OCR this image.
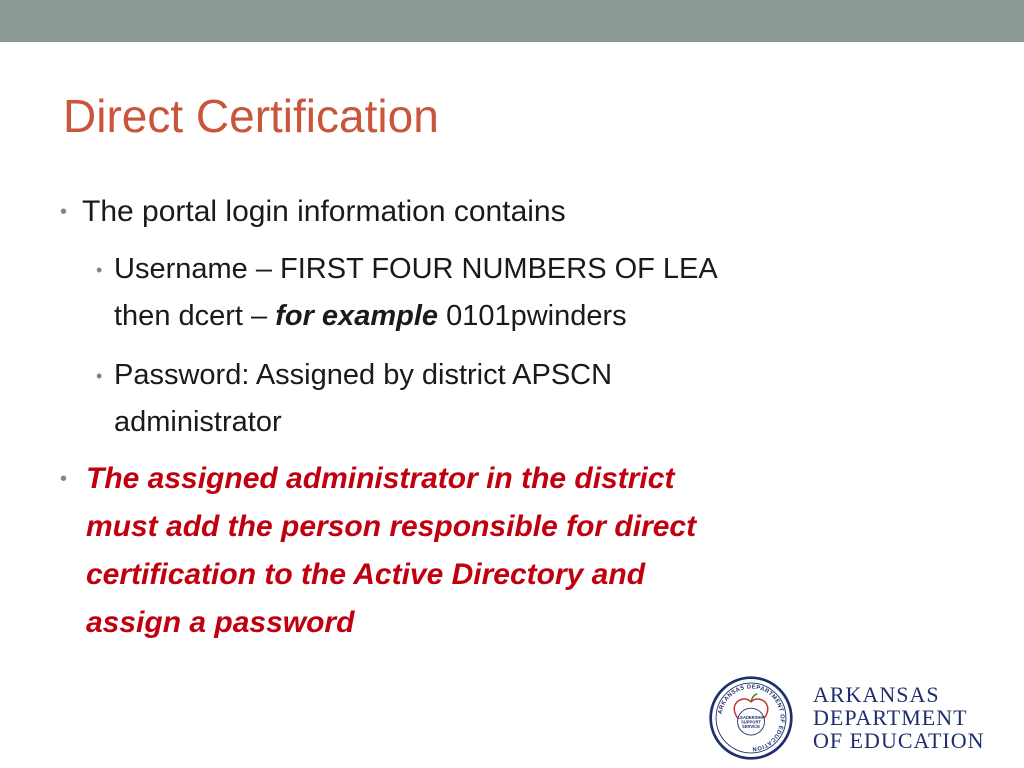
Direct Certification
• The portal login information contains
• Username – FIRST FOUR NUMBERS OF LEA
then dcert – for example 0101pwinders
• Password: Assigned by district APSCN
administrator
• The assigned administrator in the district
must add the person responsible for direct
certification to the Active Directory and
assign a password
ARKANSAS DEPARTMENT OF EDUCATION
LEADERSHIP
SUPPORT
SERVICE
ARKANSAS
DEPARTMENT
OF EDUCATION
